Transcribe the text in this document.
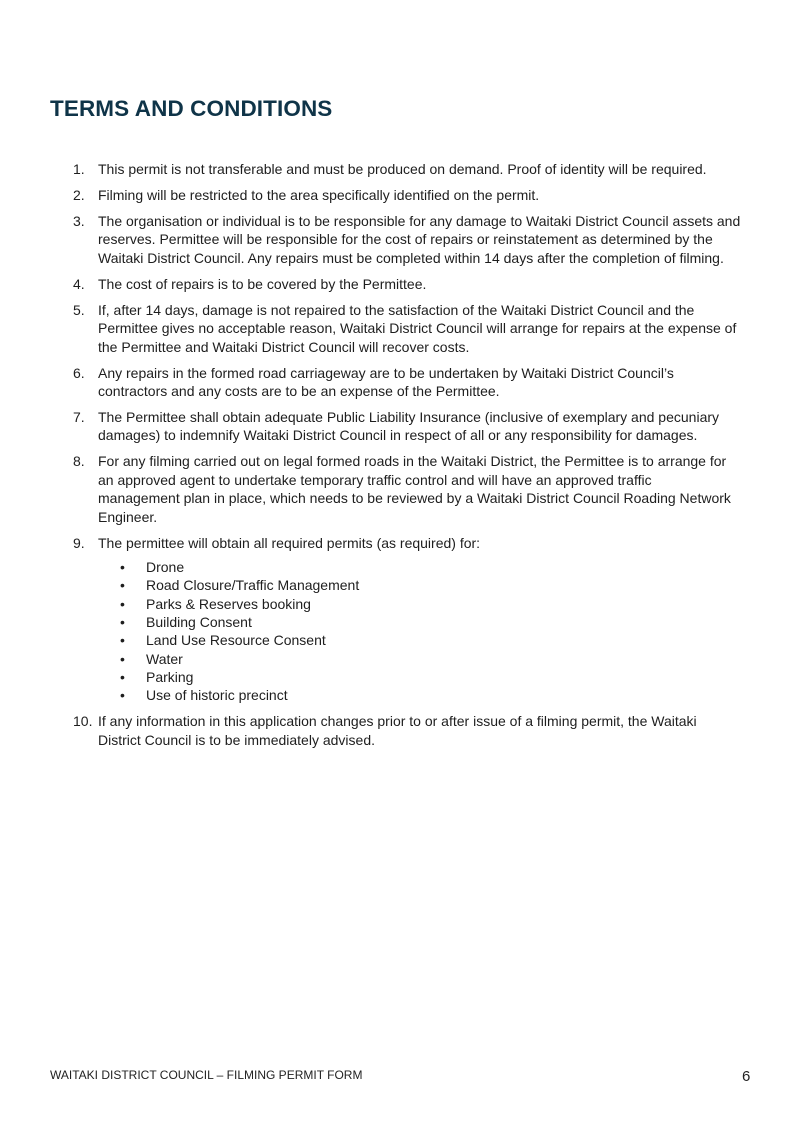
TERMS AND CONDITIONS
1. This permit is not transferable and must be produced on demand. Proof of identity will be required.
2. Filming will be restricted to the area specifically identified on the permit.
3. The organisation or individual is to be responsible for any damage to Waitaki District Council assets and
reserves. Permittee will be responsible for the cost of repairs or reinstatement as determined by the
Waitaki District Council. Any repairs must be completed within 14 days after the completion of filming.
4. The cost of repairs is to be covered by the Permittee.
5. If, after 14 days, damage is not repaired to the satisfaction of the Waitaki District Council and the
Permittee gives no acceptable reason, Waitaki District Council will arrange for repairs at the expense of
the Permittee and Waitaki District Council will recover costs.
6. Any repairs in the formed road carriageway are to be undertaken by Waitaki District Council’s
contractors and any costs are to be an expense of the Permittee.
7. The Permittee shall obtain adequate Public Liability Insurance (inclusive of exemplary and pecuniary
damages) to indemnify Waitaki District Council in respect of all or any responsibility for damages.
8. For any filming carried out on legal formed roads in the Waitaki District, the Permittee is to arrange for
an approved agent to undertake temporary traffic control and will have an approved traffic
management plan in place, which needs to be reviewed by a Waitaki District Council Roading Network
Engineer.
9. The permittee will obtain all required permits (as required) for:
• Drone
• Road Closure/Traffic Management
• Parks & Reserves booking
• Building Consent
• Land Use Resource Consent
• Water
• Parking
• Use of historic precinct
10. If any information in this application changes prior to or after issue of a filming permit, the Waitaki
District Council is to be immediately advised.
WAITAKI DISTRICT COUNCIL – FILMING PERMIT FORM	6
